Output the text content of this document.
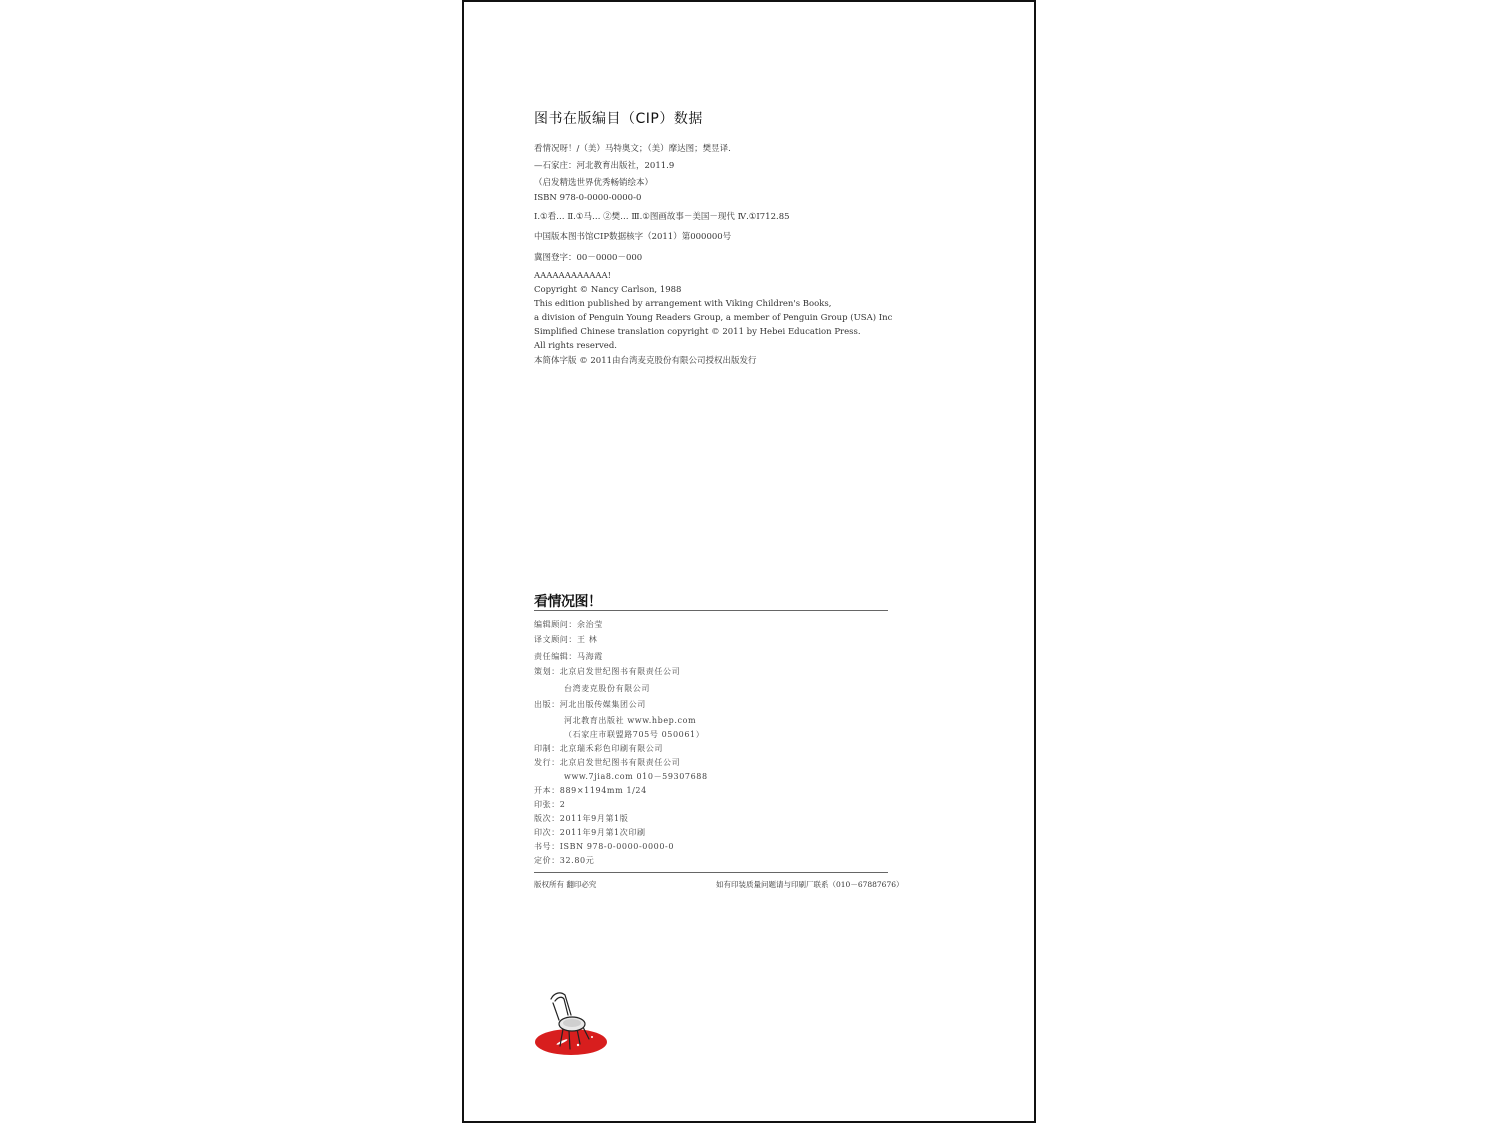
图书在版编目（CIP）数据
看情况呀！/（美）马特奥文；（美）摩达图；樊昱译.
—石家庄：河北教育出版社，2011.9
（启发精选世界优秀畅销绘本）
ISBN 978-0-0000-0000-0
Ⅰ.①看… Ⅱ.①马… ②樊… Ⅲ.①图画故事－美国－现代 Ⅳ.①I712.85
中国版本图书馆CIP数据核字（2011）第000000号
冀图登字：00－0000－000
AAAAAAAAAAAA!
Copyright © Nancy Carlson, 1988
This edition published by arrangement with Viking Children's Books,
a division of Penguin Young Readers Group, a member of Penguin Group (USA) Inc
Simplified Chinese translation copyright © 2011 by Hebei Education Press.
All rights reserved.
本简体字版 © 2011由台湾麦克股份有限公司授权出版发行
看情况图！
编辑顾问：余治莹
译文顾问：王 林
责任编辑：马海霞
策划：北京启发世纪图书有限责任公司
台湾麦克股份有限公司
出版：河北出版传媒集团公司
河北教育出版社 www.hbep.com
（石家庄市联盟路705号 050061）
印制：北京瑞禾彩色印刷有限公司
发行：北京启发世纪图书有限责任公司
www.7jia8.com 010－59307688
开本：889×1194mm 1/24
印张：2
版次：2011年9月第1版
印次：2011年9月第1次印刷
书号：ISBN 978-0-0000-0000-0
定价：32.80元
版权所有 翻印必究	如有印装质量问题请与印刷厂联系（010－67887676）
